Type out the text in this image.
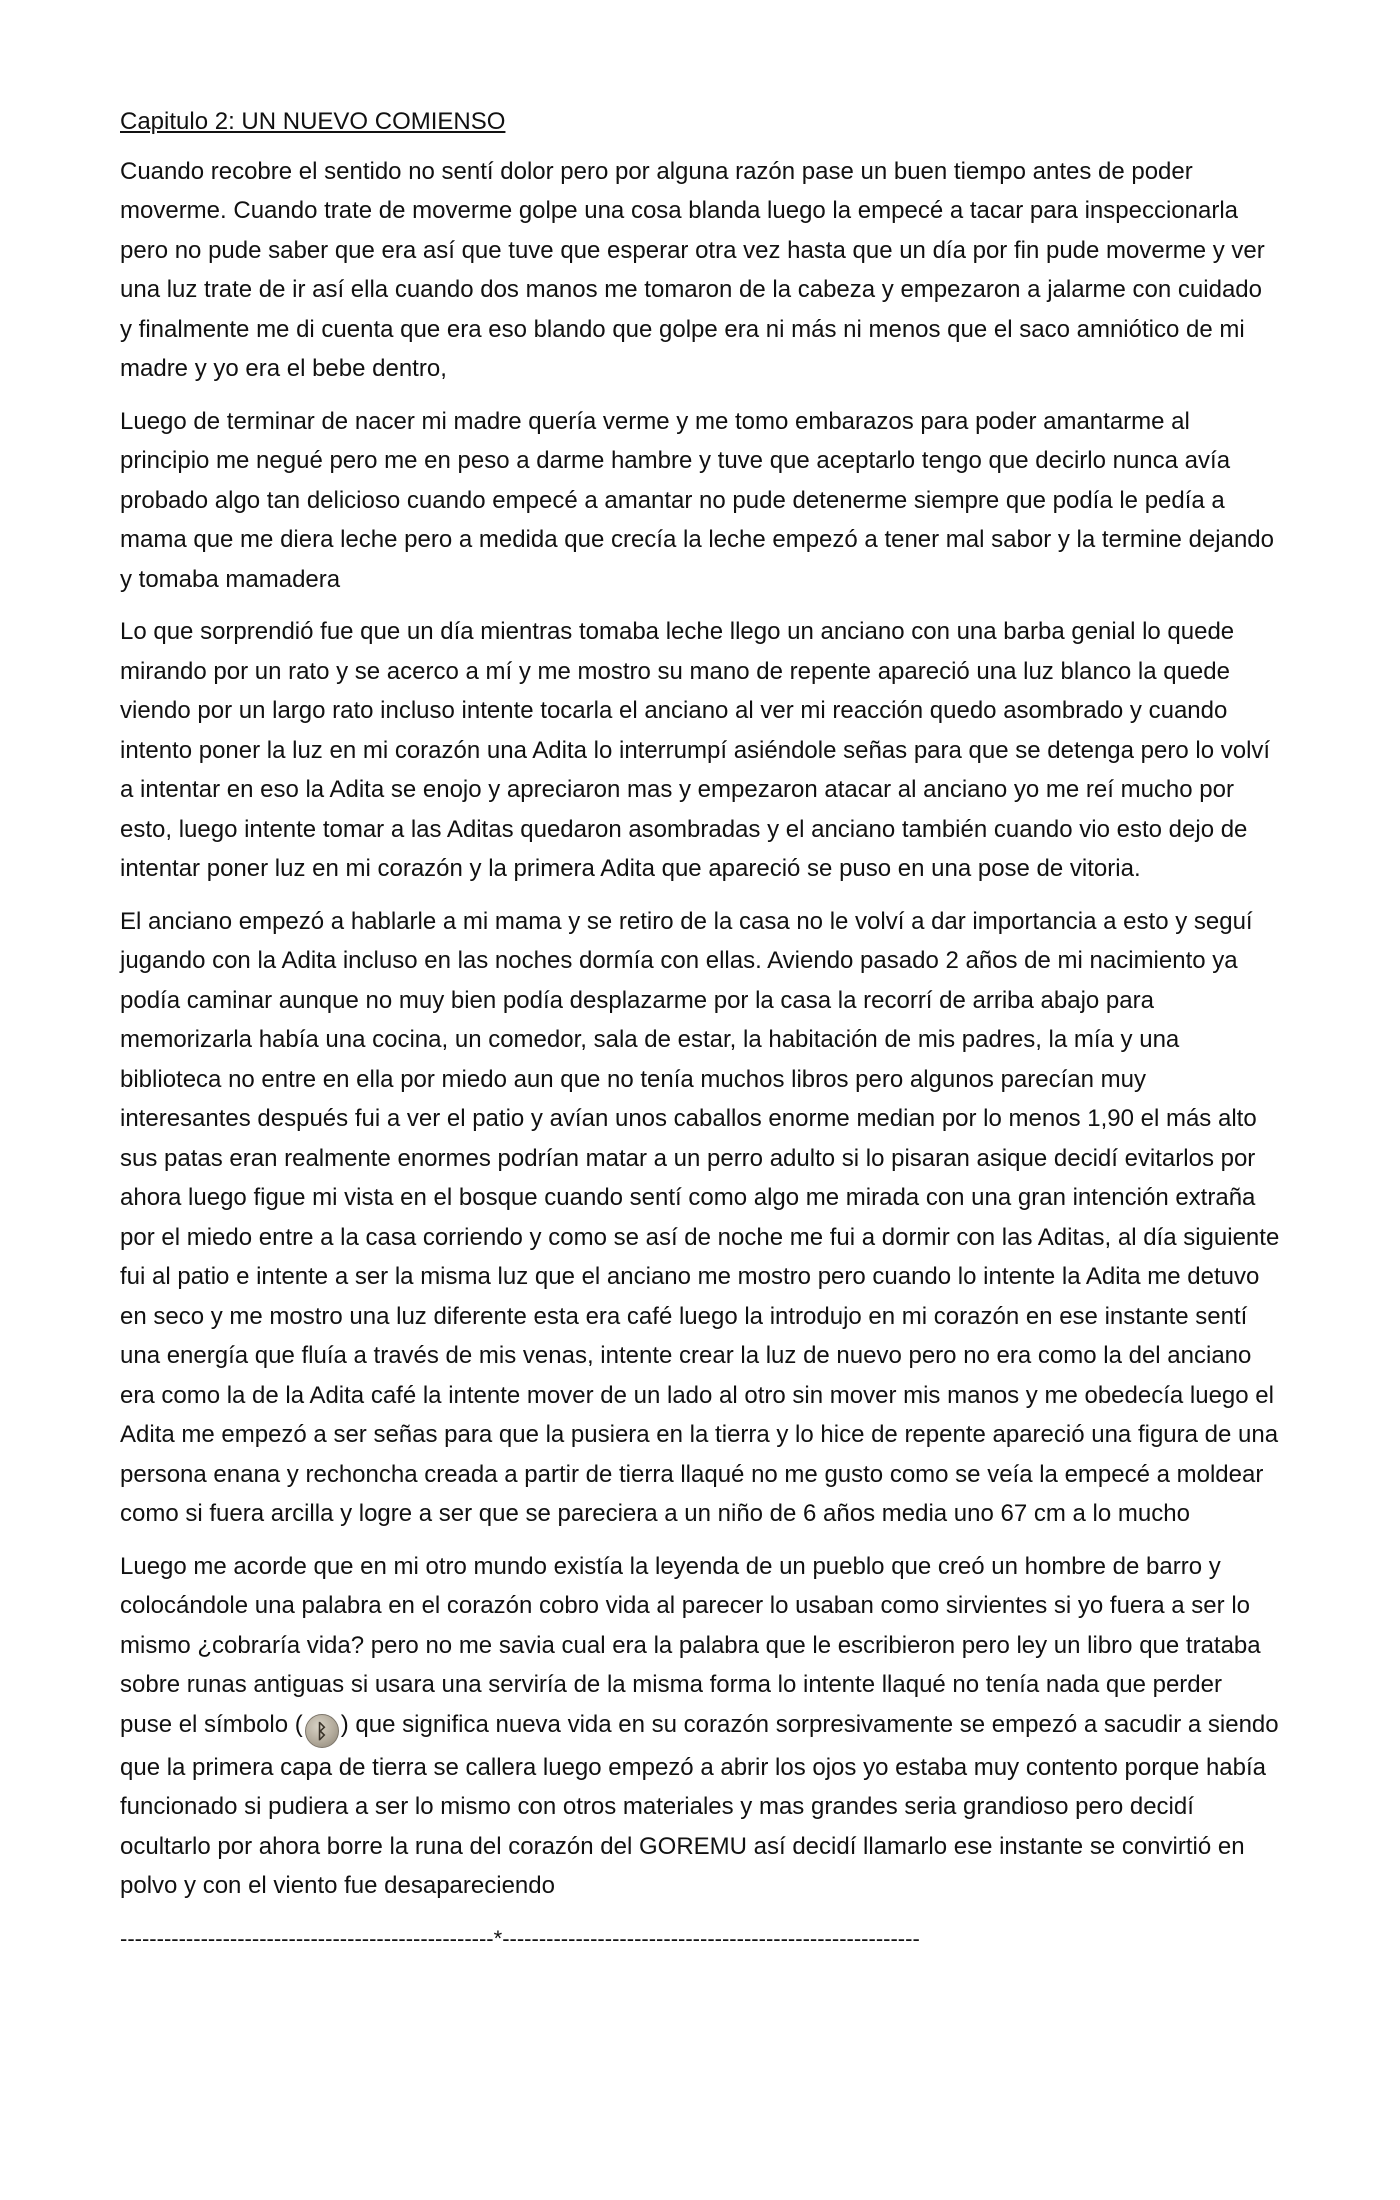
Capitulo 2: UN NUEVO COMIENSO

Cuando recobre el sentido no sentí dolor pero por alguna razón pase un buen tiempo antes de poder moverme. Cuando trate de moverme golpe una cosa blanda luego la empecé a tacar para inspeccionarla pero no pude saber que era así que tuve que esperar otra vez hasta que un día por fin pude moverme y ver una luz trate de ir así ella cuando dos manos me tomaron de la cabeza y empezaron a jalarme con cuidado y finalmente me di cuenta que era eso blando que golpe era ni más ni menos que el saco amniótico de mi madre y yo era el bebe dentro,

Luego de terminar de nacer mi madre quería verme y me tomo embarazos para poder amantarme al principio me negué pero me en peso a darme hambre y tuve que aceptarlo tengo que decirlo nunca avía probado algo tan delicioso cuando empecé a amantar no pude detenerme siempre que podía le pedía a mama que me diera leche pero a medida que crecía la leche empezó a tener mal sabor y la termine dejando y tomaba mamadera

Lo que sorprendió fue que un día mientras tomaba leche llego un anciano con una barba genial lo quede mirando por un rato y se acerco a mí y me mostro su mano de repente apareció una luz blanco la quede viendo por un largo rato incluso intente tocarla el anciano al ver mi reacción quedo asombrado y cuando intento poner la luz en mi corazón una Adita lo interrumpí asiéndole señas para que se detenga pero lo volví a intentar en eso la Adita se enojo y apreciaron mas y empezaron atacar al anciano yo me reí mucho por esto, luego intente tomar a las Aditas quedaron asombradas y el anciano también cuando vio esto dejo de intentar poner luz en mi corazón y la primera Adita que apareció se puso en una pose de vitoria.

El anciano empezó a hablarle a mi mama y se retiro de la casa no le volví a dar importancia a esto y seguí jugando con la Adita incluso en las noches dormía con ellas. Aviendo pasado 2 años de mi nacimiento ya podía caminar aunque no muy bien podía desplazarme por la casa la recorrí de arriba abajo para memorizarla había una cocina, un comedor, sala de estar, la habitación de mis padres, la mía y una biblioteca no entre en ella por miedo aun que no tenía muchos libros pero algunos parecían muy interesantes después fui a ver el patio y avían unos caballos enorme median por lo menos 1,90 el más alto sus patas eran realmente enormes podrían matar a un perro adulto si lo pisaran asique decidí evitarlos por ahora luego figue mi vista en el bosque cuando sentí como algo me mirada con una gran intención extraña por el miedo entre a la casa corriendo y como se así de noche me fui a dormir con las Aditas, al día siguiente fui al patio e intente a ser la misma luz que el anciano me mostro pero cuando lo intente la Adita me detuvo en seco y me mostro una luz diferente esta era café luego la introdujo en mi corazón en ese instante sentí una energía que fluía a través de mis venas, intente crear la luz de nuevo pero no era como la del anciano era como la de la Adita café la intente mover de un lado al otro sin mover mis manos y me obedecía luego el Adita me empezó a ser señas para que la pusiera en la tierra y lo hice de repente apareció una figura de una persona enana y rechoncha creada a partir de tierra llaqué no me gusto como se veía la empecé a moldear como si fuera arcilla y logre a ser que se pareciera a un niño de 6 años media uno 67 cm a lo mucho

Luego me acorde que en mi otro mundo existía la leyenda de un pueblo que creó un hombre de barro y colocándole una palabra en el corazón cobro vida al parecer lo usaban como sirvientes si yo fuera a ser lo mismo ¿cobraría vida? pero no me savia cual era la palabra que le escribieron pero ley un libro que trataba sobre runas antiguas si usara una serviría de la misma forma lo intente llaqué no tenía nada que perder puse el símbolo ( ᛒ ) que significa nueva vida en su corazón sorpresivamente se empezó a sacudir a siendo que la primera capa de tierra se callera luego empezó a abrir los ojos yo estaba muy contento porque había funcionado si pudiera a ser lo mismo con otros materiales y mas grandes seria grandioso pero decidí ocultarlo por ahora borre la runa del corazón del GOREMU así decidí llamarlo ese instante se convirtió en polvo y con el viento fue desapareciendo

---------------------------------------------------*---------------------------------------------------------
